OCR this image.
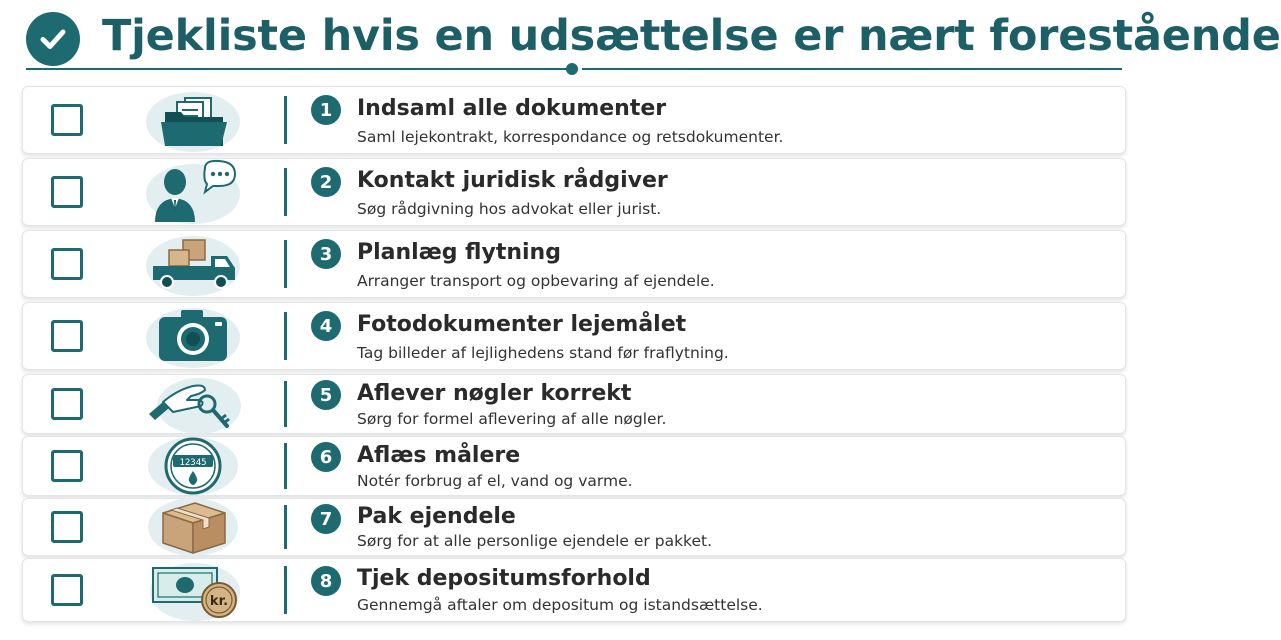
Tjekliste hvis en udsættelse er nært forestående
1	Indsaml alle dokumenter
Saml lejekontrakt, korrespondance og retsdokumenter.
2	Kontakt juridisk rådgiver
Søg rådgivning hos advokat eller jurist.
3	Planlæg flytning
Arranger transport og opbevaring af ejendele.
4	Fotodokumenter lejemålet
Tag billeder af lejlighedens stand før fraflytning.
5	Aflever nøgler korrekt
Sørg for formel aflevering af alle nøgler.
12345	6	Aflæs målere
Notér forbrug af el, vand og varme.
7	Pak ejendele
Sørg for at alle personlige ejendele er pakket.
kr.
8	Tjek depositumsforhold
Gennemgå aftaler om depositum og istandsættelse.
